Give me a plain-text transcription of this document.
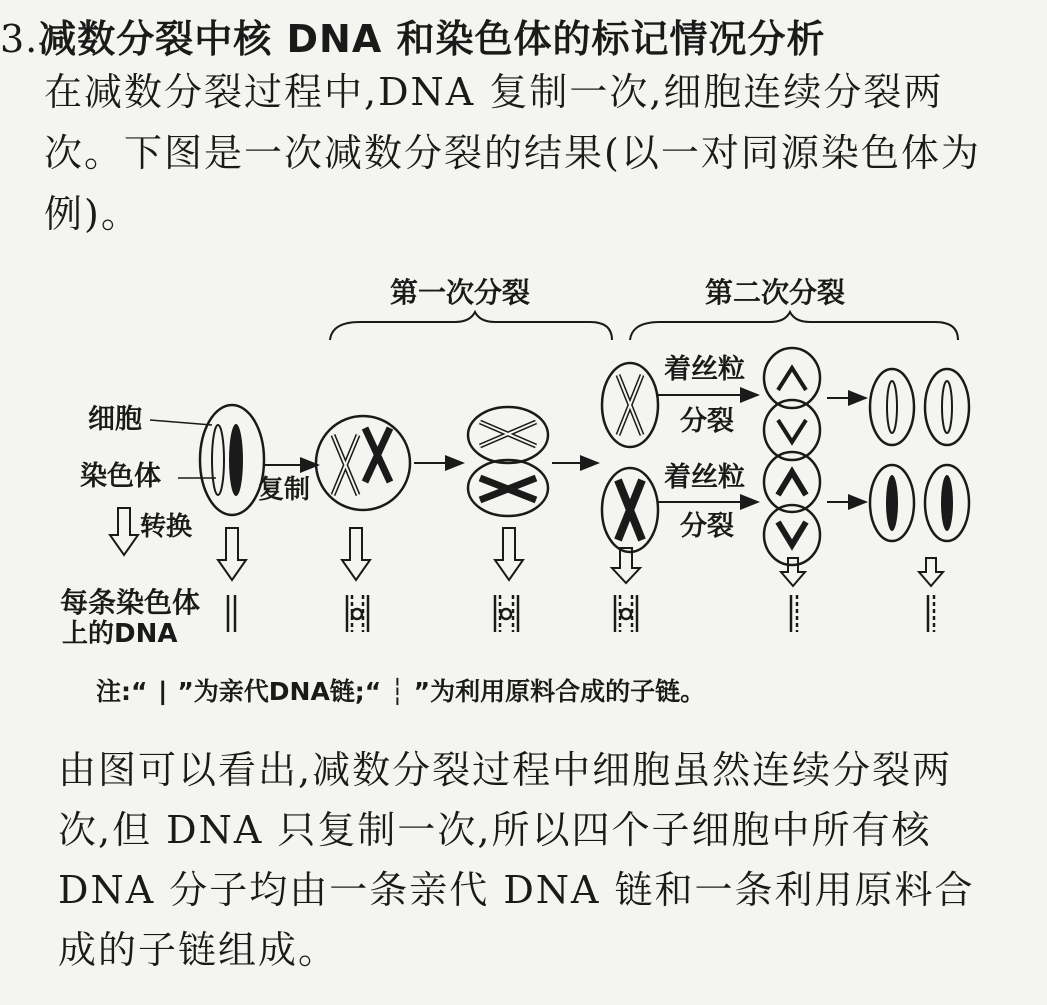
3.减数分裂中核 DNA 和染色体的标记情况分析
在减数分裂过程中,DNA 复制一次,细胞连续分裂两次。下图是一次减数分裂的结果(以一对同源染色体为例)。
第一次分裂	第二次分裂
细胞
染色体
转换
每条染色体
上的DNA
复制
着丝粒
分裂
着丝粒
分裂
注:“ ∣ ”为亲代DNA链;“ ┆ ”为利用原料合成的子链。
由图可以看出,减数分裂过程中细胞虽然连续分裂两次,但 DNA 只复制一次,所以四个子细胞中所有核 DNA 分子均由一条亲代 DNA 链和一条利用原料合成的子链组成。
